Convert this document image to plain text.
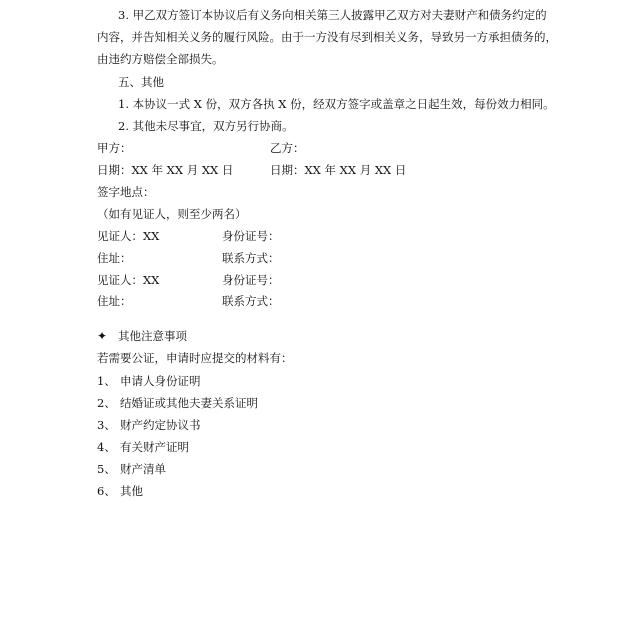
3. 甲乙双方签订本协议后有义务向相关第三人披露甲乙双方对夫妻财产和债务约定的
内容，并告知相关义务的履行风险。由于一方没有尽到相关义务，导致另一方承担债务的，
由违约方赔偿全部损失。
五、其他
1. 本协议一式 X 份，双方各执 X 份，经双方签字或盖章之日起生效，每份效力相同。
2. 其他未尽事宜，双方另行协商。
甲方：	乙方：
日期：XX 年 XX 月 XX 日	日期：XX 年 XX 月 XX 日
签字地点：
（如有见证人，则至少两名）
见证人：XX	身份证号：
住址：	联系方式：
见证人：XX	身份证号：
住址：	联系方式：
✦ 其他注意事项
若需要公证，申请时应提交的材料有：
1、 申请人身份证明
2、 结婚证或其他夫妻关系证明
3、 财产约定协议书
4、 有关财产证明
5、 财产清单
6、 其他
